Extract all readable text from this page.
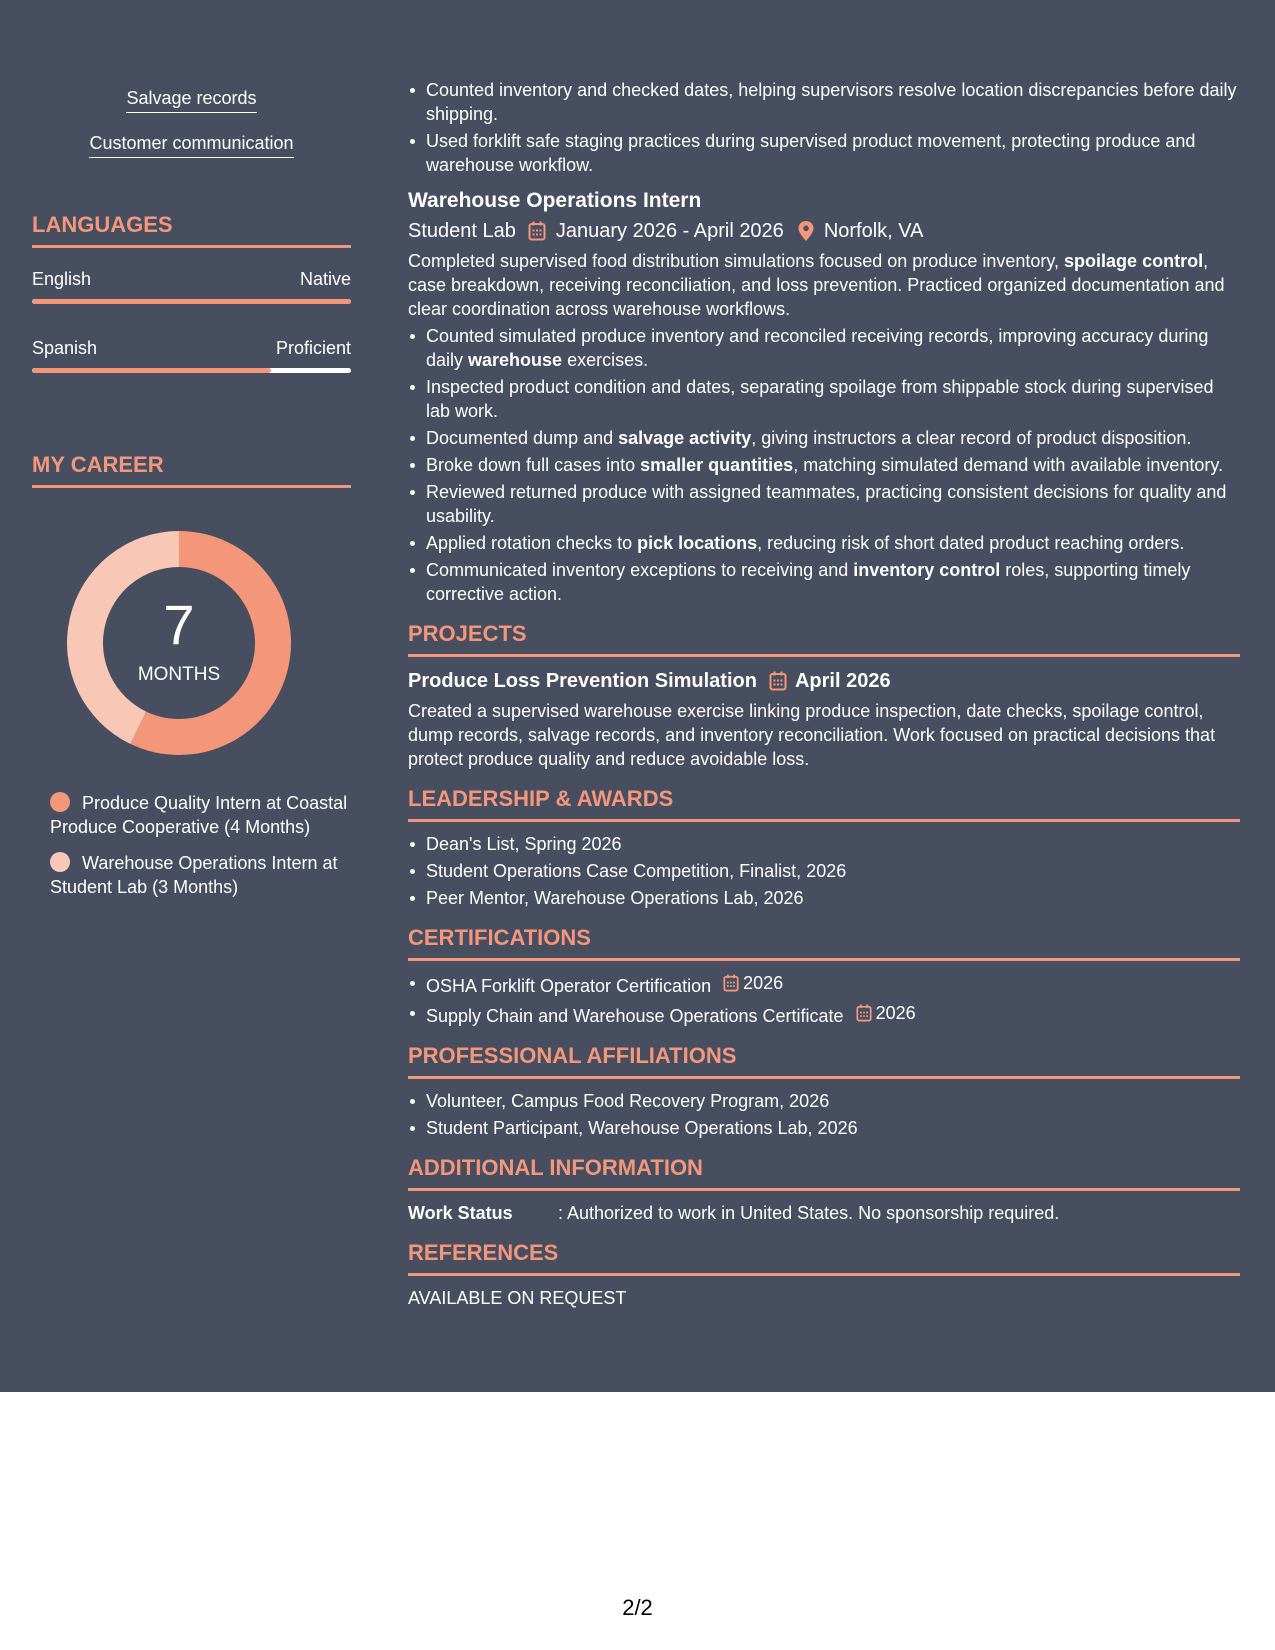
Salvage records
Customer communication
LANGUAGES
English	Native
Spanish	Proficient
MY CAREER
7
MONTHS
Produce Quality Intern at Coastal Produce Cooperative (4 Months)
Warehouse Operations Intern at Student Lab (3 Months)
Counted inventory and checked dates, helping supervisors resolve location discrepancies before daily shipping.
Used forklift safe staging practices during supervised product movement, protecting produce and warehouse workflow.
Warehouse Operations Intern
Student Lab January 2026 - April 2026 Norfolk, VA

Completed supervised food distribution simulations focused on produce inventory, spoilage control, case breakdown, receiving reconciliation, and loss prevention. Practiced organized documentation and clear coordination across warehouse workflows.

Counted simulated produce inventory and reconciled receiving records, improving accuracy during daily warehouse exercises.
Inspected product condition and dates, separating spoilage from shippable stock during supervised lab work.
Documented dump and salvage activity, giving instructors a clear record of product disposition.
Broke down full cases into smaller quantities, matching simulated demand with available inventory.
Reviewed returned produce with assigned teammates, practicing consistent decisions for quality and usability.
Applied rotation checks to pick locations, reducing risk of short dated product reaching orders.
Communicated inventory exceptions to receiving and inventory control roles, supporting timely corrective action.
PROJECTS
Produce Loss Prevention Simulation April 2026

Created a supervised warehouse exercise linking produce inspection, date checks, spoilage control, dump records, salvage records, and inventory reconciliation. Work focused on practical decisions that protect produce quality and reduce avoidable loss.

LEADERSHIP & AWARDS
Dean's List, Spring 2026
Student Operations Case Competition, Finalist, 2026
Peer Mentor, Warehouse Operations Lab, 2026
CERTIFICATIONS
OSHA Forklift Operator Certification 2026
Supply Chain and Warehouse Operations Certificate 2026
PROFESSIONAL AFFILIATIONS
Volunteer, Campus Food Recovery Program, 2026
Student Participant, Warehouse Operations Lab, 2026
ADDITIONAL INFORMATION
Work Status	: Authorized to work in United States. No sponsorship required.
REFERENCES

AVAILABLE ON REQUEST

2/2
